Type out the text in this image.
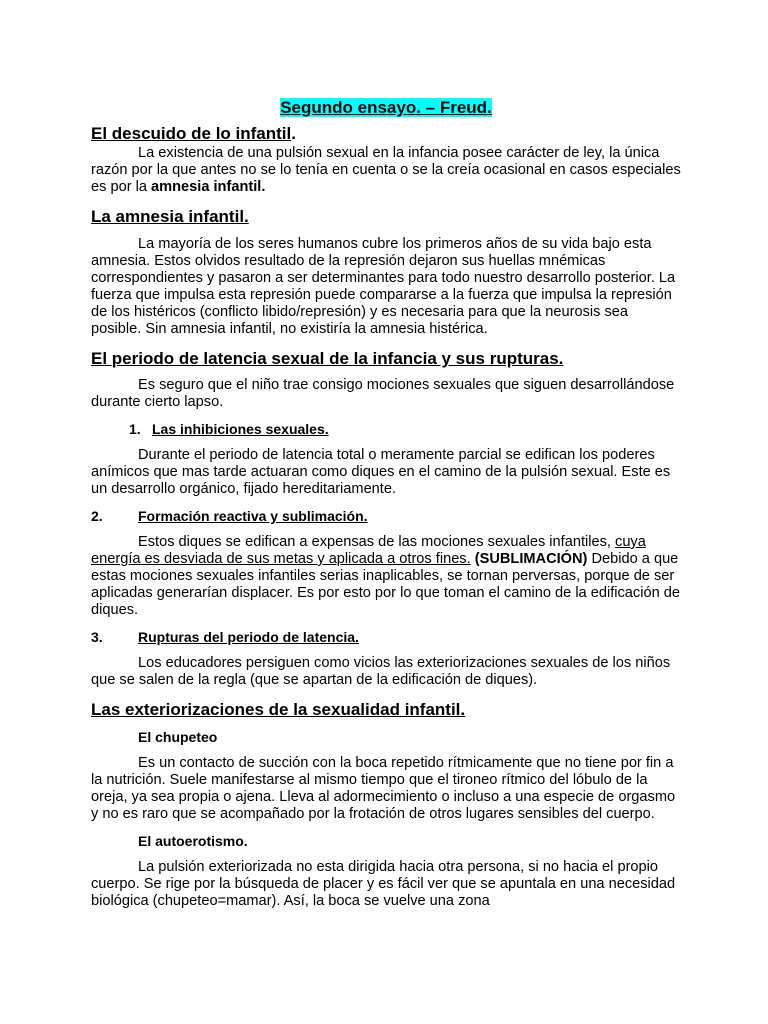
Segundo ensayo. – Freud.

El descuido de lo infantil.

La existencia de una pulsión sexual en la infancia posee carácter de ley, la única razón por la que antes no se lo tenía en cuenta o se la creía ocasional en casos especiales es por la amnesia infantil.

La amnesia infantil.

La mayoría de los seres humanos cubre los primeros años de su vida bajo esta amnesia. Estos olvidos resultado de la represión dejaron sus huellas mnémicas correspondientes y pasaron a ser determinantes para todo nuestro desarrollo posterior. La fuerza que impulsa esta represión puede compararse a la fuerza que impulsa la represión de los histéricos (conflicto libido/represión) y es necesaria para que la neurosis sea posible. Sin amnesia infantil, no existiría la amnesia histérica.

El periodo de latencia sexual de la infancia y sus rupturas.

Es seguro que el niño trae consigo mociones sexuales que siguen desarrollándose durante cierto lapso.

1. Las inhibiciones sexuales.

Durante el periodo de latencia total o meramente parcial se edifican los poderes anímicos que mas tarde actuaran como diques en el camino de la pulsión sexual. Este es un desarrollo orgánico, fijado hereditariamente.

2.	Formación reactiva y sublimación.

Estos diques se edifican a expensas de las mociones sexuales infantiles, cuya energía es desviada de sus metas y aplicada a otros fines. (SUBLIMACIÓN) Debido a que estas mociones sexuales infantiles serias inaplicables, se tornan perversas, porque de ser aplicadas generarían displacer. Es por esto por lo que toman el camino de la edificación de diques.

3.	Rupturas del periodo de latencia.

Los educadores persiguen como vicios las exteriorizaciones sexuales de los niños que se salen de la regla (que se apartan de la edificación de diques).

Las exteriorizaciones de la sexualidad infantil.

El chupeteo

Es un contacto de succión con la boca repetido rítmicamente que no tiene por fin a la nutrición. Suele manifestarse al mismo tiempo que el tironeo rítmico del lóbulo de la oreja, ya sea propia o ajena. Lleva al adormecimiento o incluso a una especie de orgasmo y no es raro que se acompañado por la frotación de otros lugares sensibles del cuerpo.

El autoerotismo.

La pulsión exteriorizada no esta dirigida hacia otra persona, si no hacia el propio cuerpo. Se rige por la búsqueda de placer y es fácil ver que se apuntala en una necesidad biológica (chupeteo=mamar). Así, la boca se vuelve una zona
